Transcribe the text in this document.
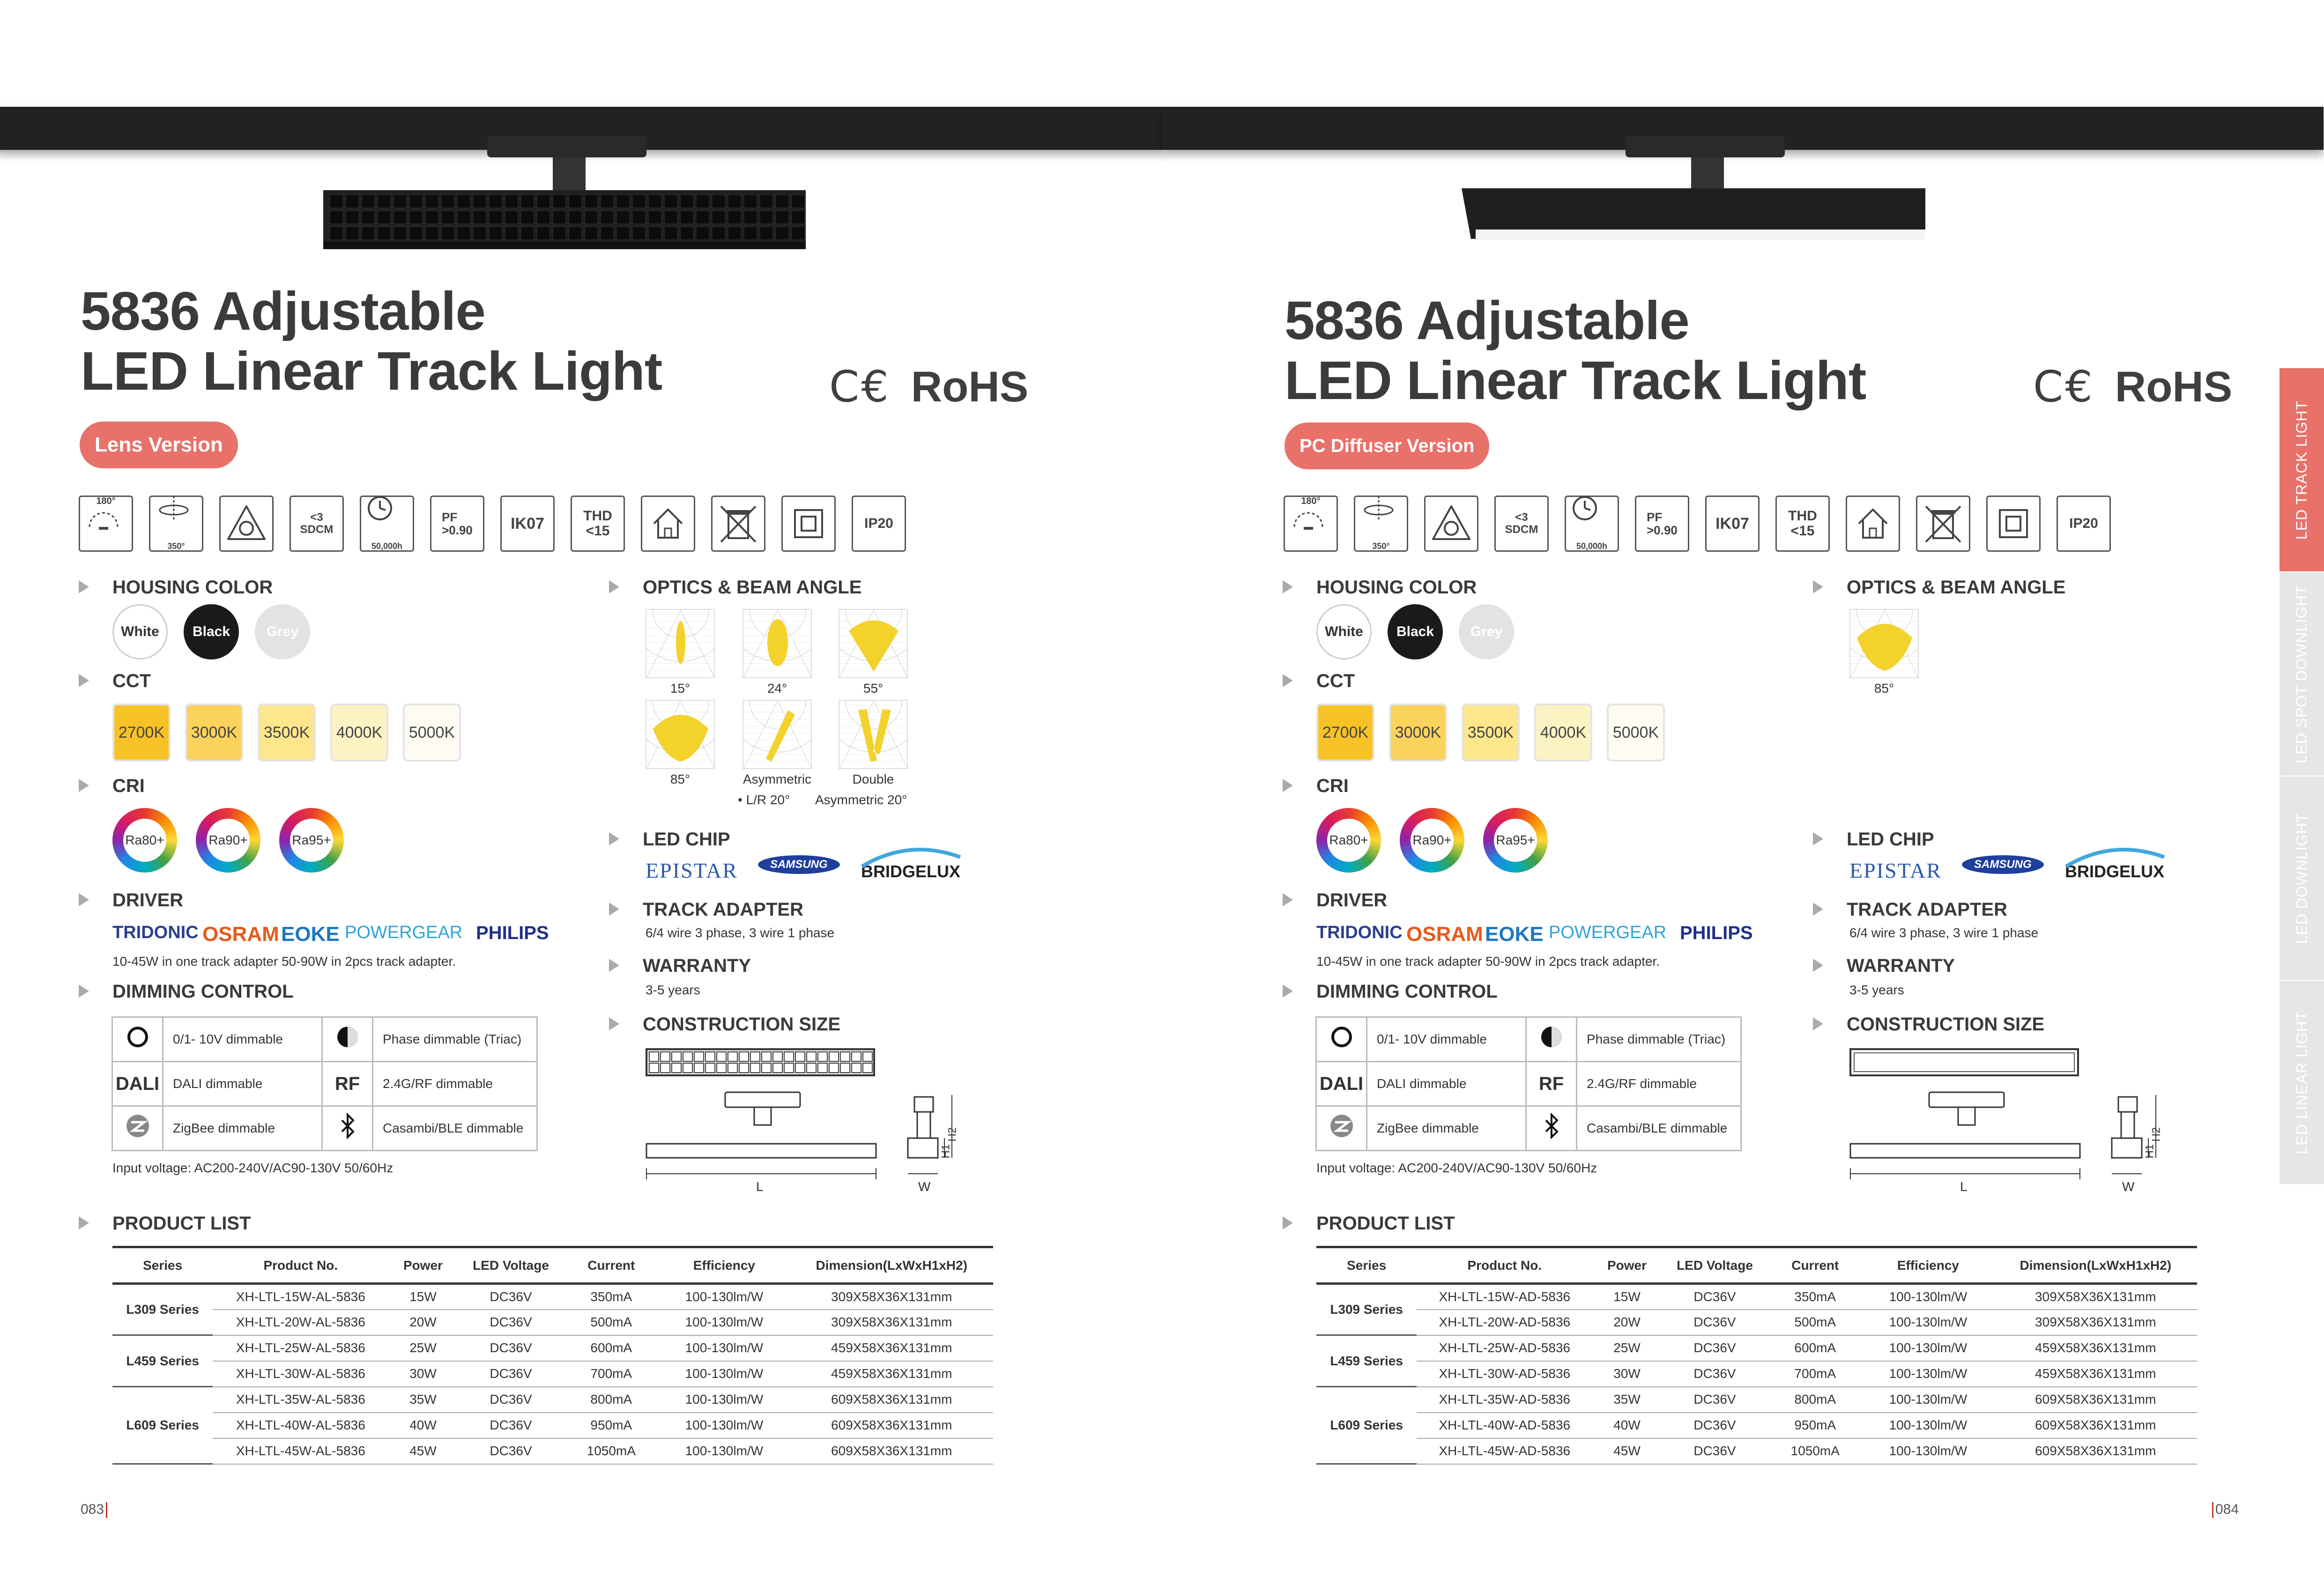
5836 Adjustable
LED Linear Track Light	C€ RoHS
Lens Version
180°
350°
<3
SDCM
50,000h
PF
>0.90 IK07	THD
<15	IP20
HOUSING COLOR
White	Black	Grey
CCT
2700K	3000K	3500K	4000K	5000K
CRI
Ra80+	Ra90+	Ra95+
DRIVER
TRIDONIC OSRAM EOKE POWERGEAR PHILIPS
10-45W in one track adapter 50-90W in 2pcs track adapter.
DIMMING CONTROL
	0/1- 10V dimmable		Phase dimmable (Triac)
DALI	DALI dimmable	RF	2.4G/RF dimmable
	ZigBee dimmable		Casambi/BLE dimmable
Input voltage: AC200-240V/AC90-130V 50/60Hz
OPTICS & BEAM ANGLE
15°	24°	55°
85°	Asymmetric	Double
• L/R 20° Asymmetric 20°
LED CHIP
EPISTAR	SAMSUNG	BRIDGELUX
TRACK ADAPTER
6/4 wire 3 phase, 3 wire 1 phase
WARRANTY
3-5 years
CONSTRUCTION SIZE
L	W
H2
H1
PRODUCT LIST
Series	Product No.	Power	LED Voltage	Current	Efficiency	Dimension(LxWxH1xH2)
L309 Series	XH-LTL-15W-AL-5836	15W	DC36V	350mA	100-130lm/W	309X58X36X131mm
	XH-LTL-20W-AL-5836	20W	DC36V	500mA	100-130lm/W	309X58X36X131mm
L459 Series	XH-LTL-25W-AL-5836	25W	DC36V	600mA	100-130lm/W	459X58X36X131mm
	XH-LTL-30W-AL-5836	30W	DC36V	700mA	100-130lm/W	459X58X36X131mm
L609 Series	XH-LTL-35W-AL-5836	35W	DC36V	800mA	100-130lm/W	609X58X36X131mm
	XH-LTL-40W-AL-5836	40W	DC36V	950mA	100-130lm/W	609X58X36X131mm
	XH-LTL-45W-AL-5836	45W	DC36V	1050mA	100-130lm/W	609X58X36X131mm
083
5836 Adjustable
LED Linear Track Light	C€ RoHS
PC Diffuser Version
180°
350°
<3
SDCM
50,000h
PF
>0.90 IK07	THD
<15	IP20
HOUSING COLOR
White	Black	Grey
CCT
2700K	3000K	3500K	4000K	5000K
CRI
Ra80+	Ra90+	Ra95+
DRIVER
TRIDONIC OSRAM EOKE POWERGEAR PHILIPS
10-45W in one track adapter 50-90W in 2pcs track adapter.
DIMMING CONTROL
	0/1- 10V dimmable		Phase dimmable (Triac)
DALI	DALI dimmable	RF	2.4G/RF dimmable
	ZigBee dimmable		Casambi/BLE dimmable
Input voltage: AC200-240V/AC90-130V 50/60Hz
OPTICS & BEAM ANGLE
85°
LED CHIP
EPISTAR	SAMSUNG	BRIDGELUX
TRACK ADAPTER
6/4 wire 3 phase, 3 wire 1 phase
WARRANTY
3-5 years
CONSTRUCTION SIZE
L	W
H2
H1
PRODUCT LIST
Series	Product No.	Power	LED Voltage	Current	Efficiency	Dimension(LxWxH1xH2)
L309 Series	XH-LTL-15W-AD-5836	15W	DC36V	350mA	100-130lm/W	309X58X36X131mm
	XH-LTL-20W-AD-5836	20W	DC36V	500mA	100-130lm/W	309X58X36X131mm
L459 Series	XH-LTL-25W-AD-5836	25W	DC36V	600mA	100-130lm/W	459X58X36X131mm
	XH-LTL-30W-AD-5836	30W	DC36V	700mA	100-130lm/W	459X58X36X131mm
L609 Series	XH-LTL-35W-AD-5836	35W	DC36V	800mA	100-130lm/W	609X58X36X131mm
	XH-LTL-40W-AD-5836	40W	DC36V	950mA	100-130lm/W	609X58X36X131mm
	XH-LTL-45W-AD-5836	45W	DC36V	1050mA	100-130lm/W	609X58X36X131mm
084
LED TRACK LIGHT
LED SPOT DOWNLIGHT
LED DOWNLIGHT
LED LINEAR LIGHT
